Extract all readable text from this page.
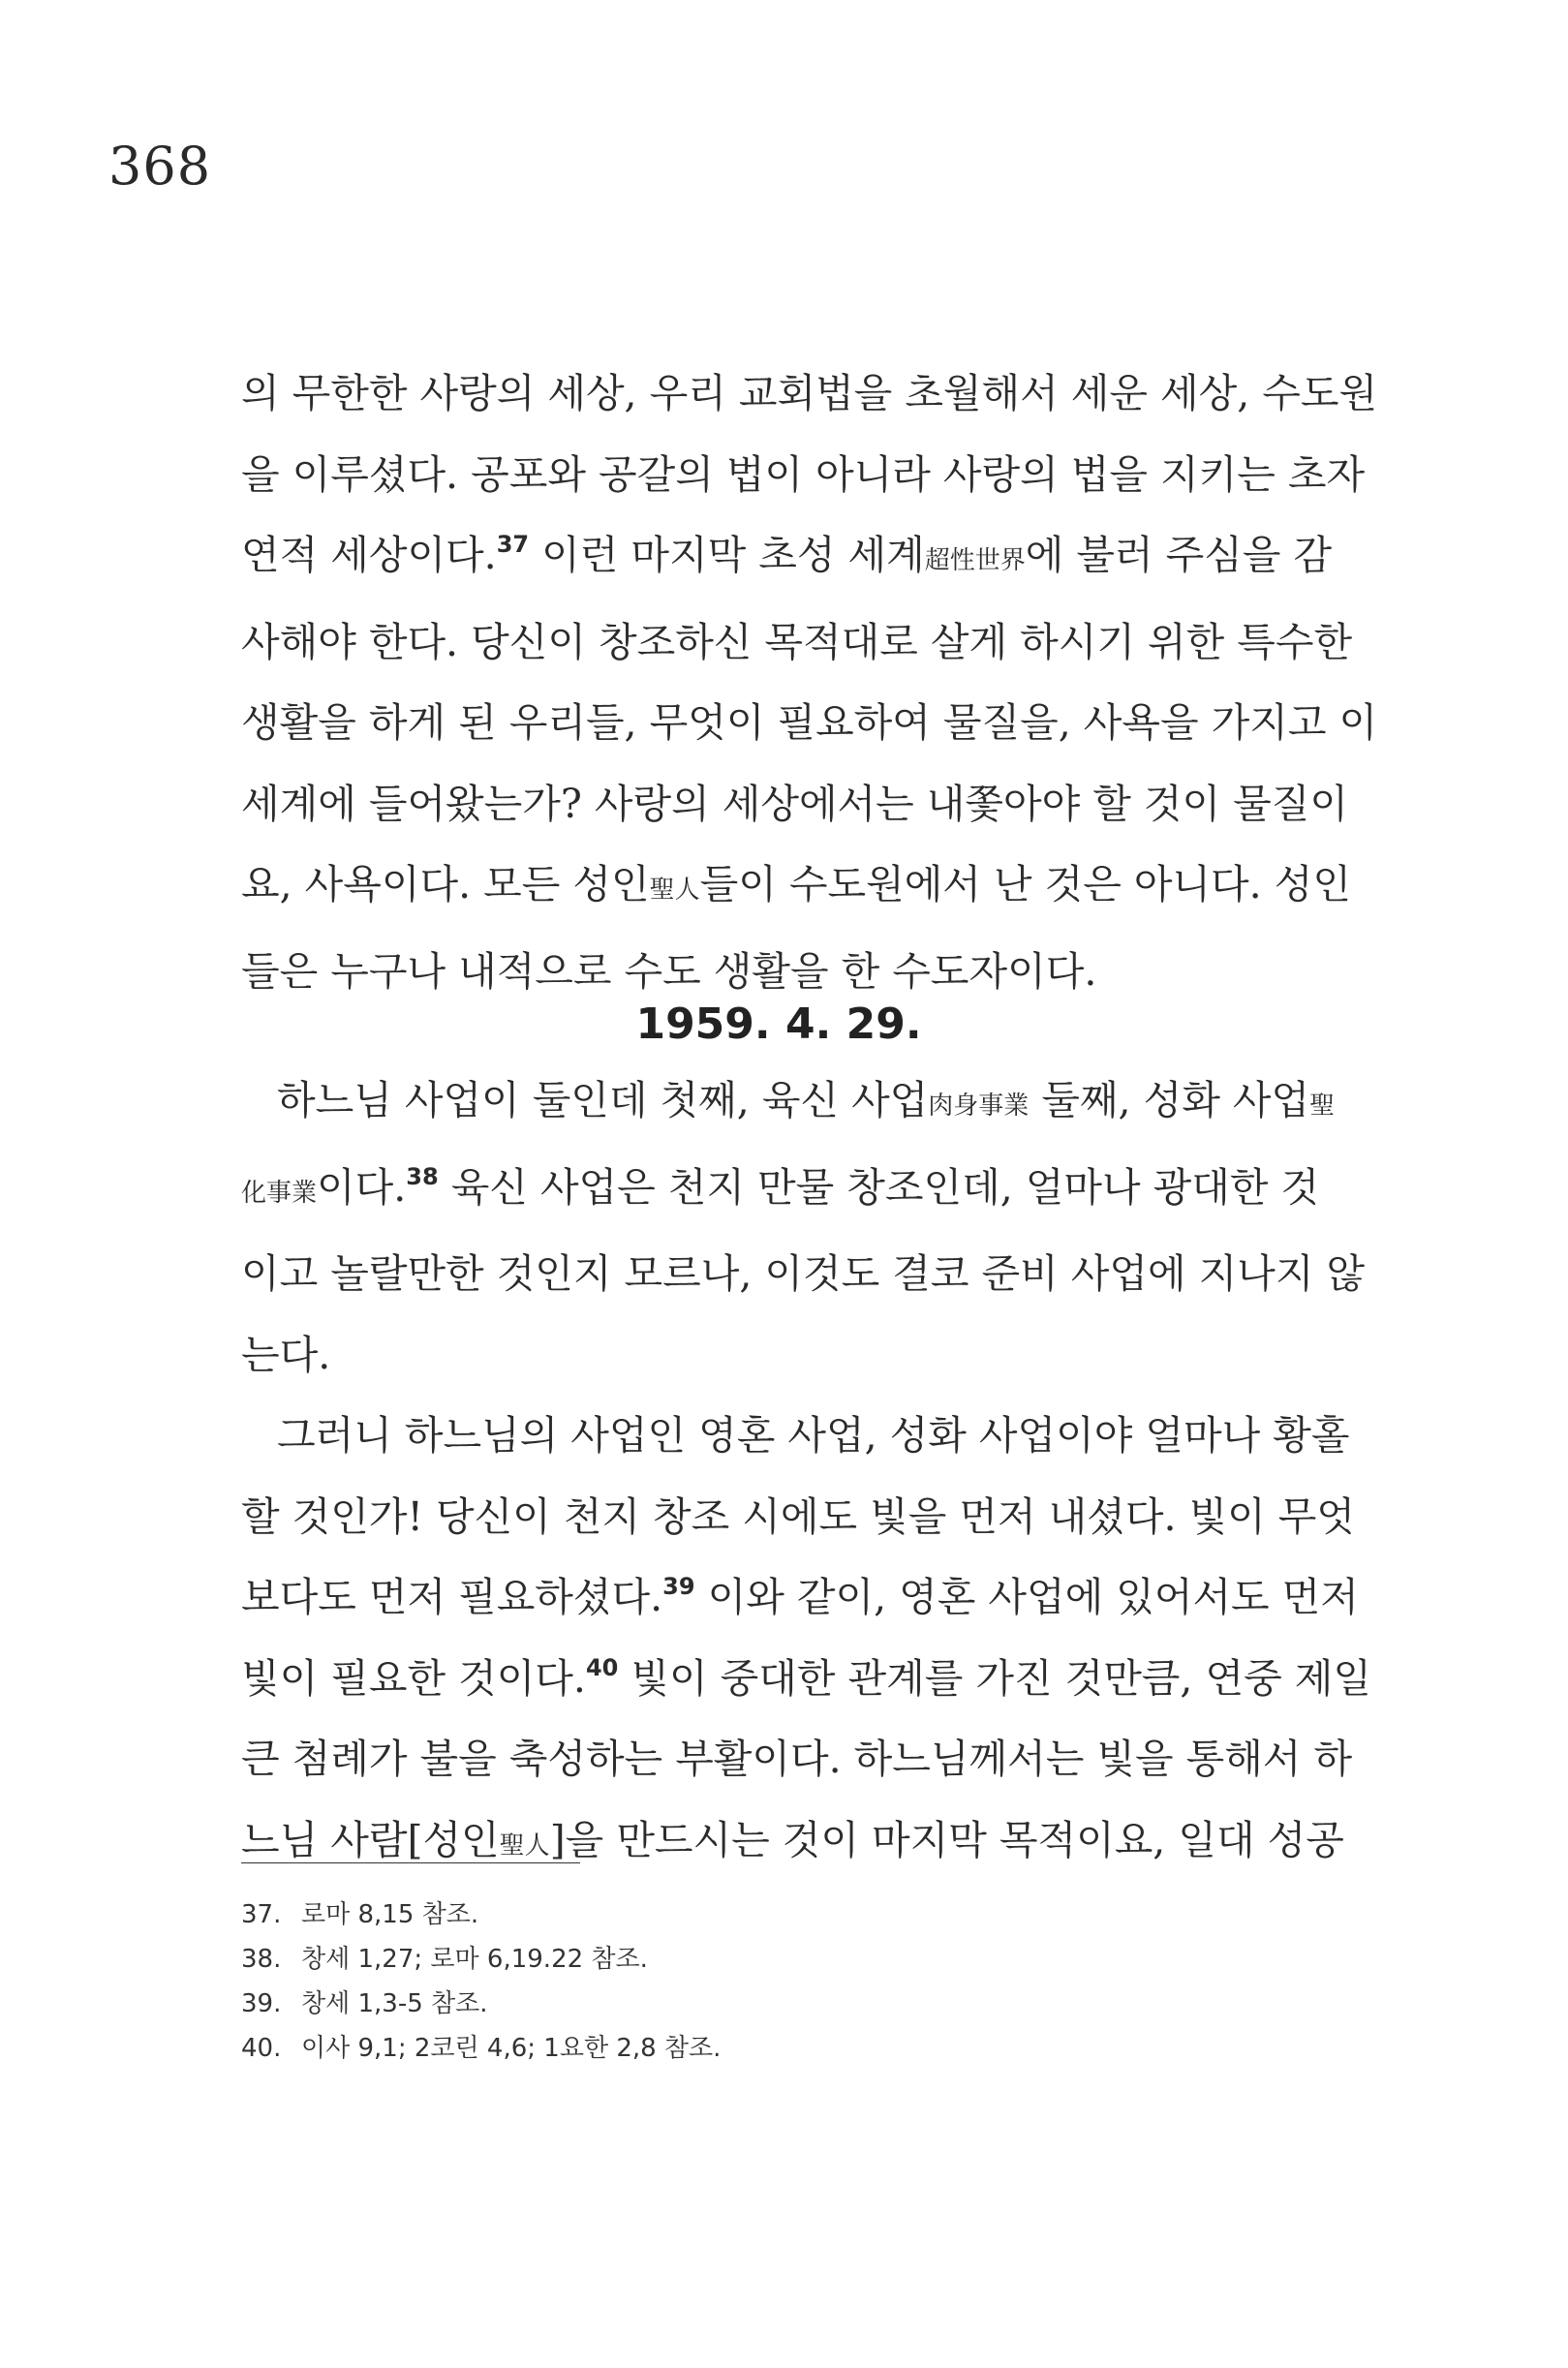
368
의 무한한 사랑의 세상, 우리 교회법을 초월해서 세운 세상, 수도원
을 이루셨다. 공포와 공갈의 법이 아니라 사랑의 법을 지키는 초자
연적 세상이다.$^{37}$ 이런 마지막 초성 세계超性世界에 불러 주심을 감
사해야 한다. 당신이 창조하신 목적대로 살게 하시기 위한 특수한
생활을 하게 된 우리들, 무엇이 필요하여 물질을, 사욕을 가지고 이
세계에 들어왔는가? 사랑의 세상에서는 내쫓아야 할 것이 물질이
요, 사욕이다. 모든 성인聖人들이 수도원에서 난 것은 아니다. 성인
들은 누구나 내적으로 수도 생활을 한 수도자이다.
1959. 4. 29.
하느님 사업이 둘인데 첫째, 육신 사업肉身事業 둘째, 성화 사업聖
化事業이다.$^{38}$ 육신 사업은 천지 만물 창조인데, 얼마나 광대한 것
이고 놀랄만한 것인지 모르나, 이것도 결코 준비 사업에 지나지 않
는다.
그러니 하느님의 사업인 영혼 사업, 성화 사업이야 얼마나 황홀
할 것인가! 당신이 천지 창조 시에도 빛을 먼저 내셨다. 빛이 무엇
보다도 먼저 필요하셨다.$^{39}$ 이와 같이, 영혼 사업에 있어서도 먼저
빛이 필요한 것이다.$^{40}$ 빛이 중대한 관계를 가진 것만큼, 연중 제일
큰 첨례가 불을 축성하는 부활이다. 하느님께서는 빛을 통해서 하
느님 사람[성인聖人]을 만드시는 것이 마지막 목적이요, 일대 성공
37. 로마 8,15 참조.
38. 창세 1,27; 로마 6,19.22 참조.
39. 창세 1,3-5 참조.
40. 이사 9,1; 2코린 4,6; 1요한 2,8 참조.
